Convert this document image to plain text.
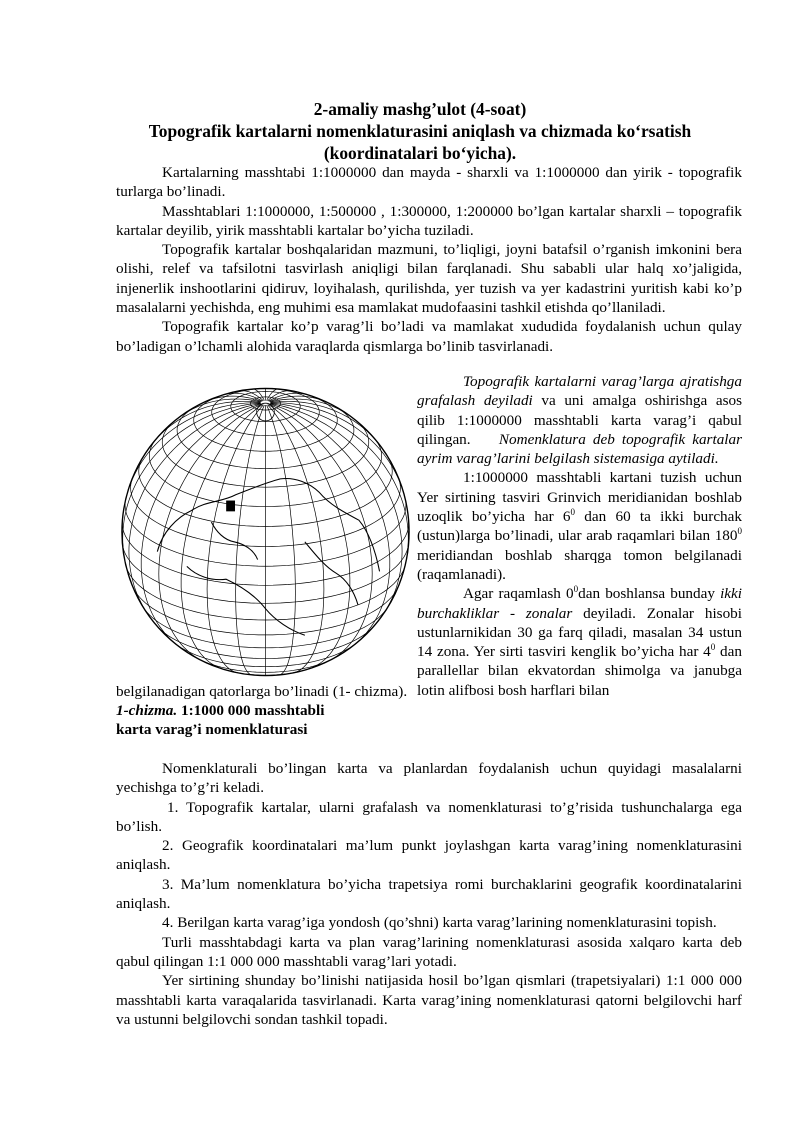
2-amaliy mashg’ulot (4-soat)
Topografik kartalarni nomenklaturasini aniqlash va chizmada ko‘rsatish
(koordinatalari bo‘yicha).

Kartalarning masshtabi 1:1000000 dan mayda - sharxli va 1:1000000 dan yirik - topografik turlarga bo’linadi.

Masshtablari 1:1000000, 1:500000 , 1:300000, 1:200000 bo’lgan kartalar sharxli – topografik kartalar deyilib, yirik masshtabli kartalar bo’yicha tuziladi.

Topografik kartalar boshqalaridan mazmuni, to’liqligi, joyni batafsil o’rganish imkonini bera olishi, relef va tafsilotni tasvirlash aniqligi bilan farqlanadi. Shu sababli ular halq xo’jaligida, injenerlik inshootlarini qidiruv, loyihalash, qurilishda, yer tuzish va yer kadastrini yuritish kabi ko’p masalalarni yechishda, eng muhimi esa mamlakat mudofaasini tashkil etishda qo’llaniladi.

Topografik kartalar ko’p varag’li bo’ladi va mamlakat xududida foydalanish uchun qulay bo’ladigan o’lchamli alohida varaqlarda qismlarga bo’linib tasvirlanadi.

Topografik kartalarni varag’larga ajratishga grafalash deyiladi va uni amalga oshirishga asos qilib 1:1000000 masshtabli karta varag’i qabul qilingan. Nomenklatura deb topografik kartalar ayrim varag’larini belgilash sistemasiga aytiladi.

1:1000000 masshtabli kartani tuzish uchun Yer sirtining tasviri Grinvich meridianidan boshlab uzoqlik bo’yicha har $6^0$ dan 60 ta ikki burchak (ustun)larga bo’linadi, ular arab raqamlari bilan $180^0$ meridiandan boshlab sharqga tomon belgilanadi (raqamlanadi).

Agar raqamlash $0^0dan$ boshlansa bunday ikki burchakliklar - zonalar deyiladi. Zonalar hisobi ustunlarnikidan 30 ga farq qiladi, masalan 34 ustun 14 zona. Yer sirti tasviri kenglik bo’yicha har $4^0$ dan parallellar bilan ekvatordan shimolga va janubga lotin alifbosi bosh harflari bilan

belgilanadigan qatorlarga bo’linadi (1- chizma).
1-chizma. 1:1000 000 masshtabli
karta varag’i nomenklaturasi

Nomenklaturali bo’lingan karta va planlardan foydalanish uchun quyidagi masalalarni yechishga to’g’ri keladi.

1. Topografik kartalar, ularni grafalash va nomenklaturasi to’g’risida tushunchalarga ega bo’lish.

2. Geografik koordinatalari ma’lum punkt joylashgan karta varag’ining nomenklaturasini aniqlash.

3. Ma’lum nomenklatura bo’yicha trapetsiya romi burchaklarini geografik koordinatalarini aniqlash.

4. Berilgan karta varag’iga yondosh (qo’shni) karta varag’larining nomenklaturasini topish.

Turli masshtabdagi karta va plan varag’larining nomenklaturasi asosida xalqaro karta deb qabul qilingan 1:1 000 000 masshtabli varag’lari yotadi.

Yer sirtining shunday bo’linishi natijasida hosil bo’lgan qismlari (trapetsiyalari) 1:1 000 000 masshtabli karta varaqalarida tasvirlanadi. Karta varag’ining nomenklaturasi qatorni belgilovchi harf va ustunni belgilovchi sondan tashkil topadi.
